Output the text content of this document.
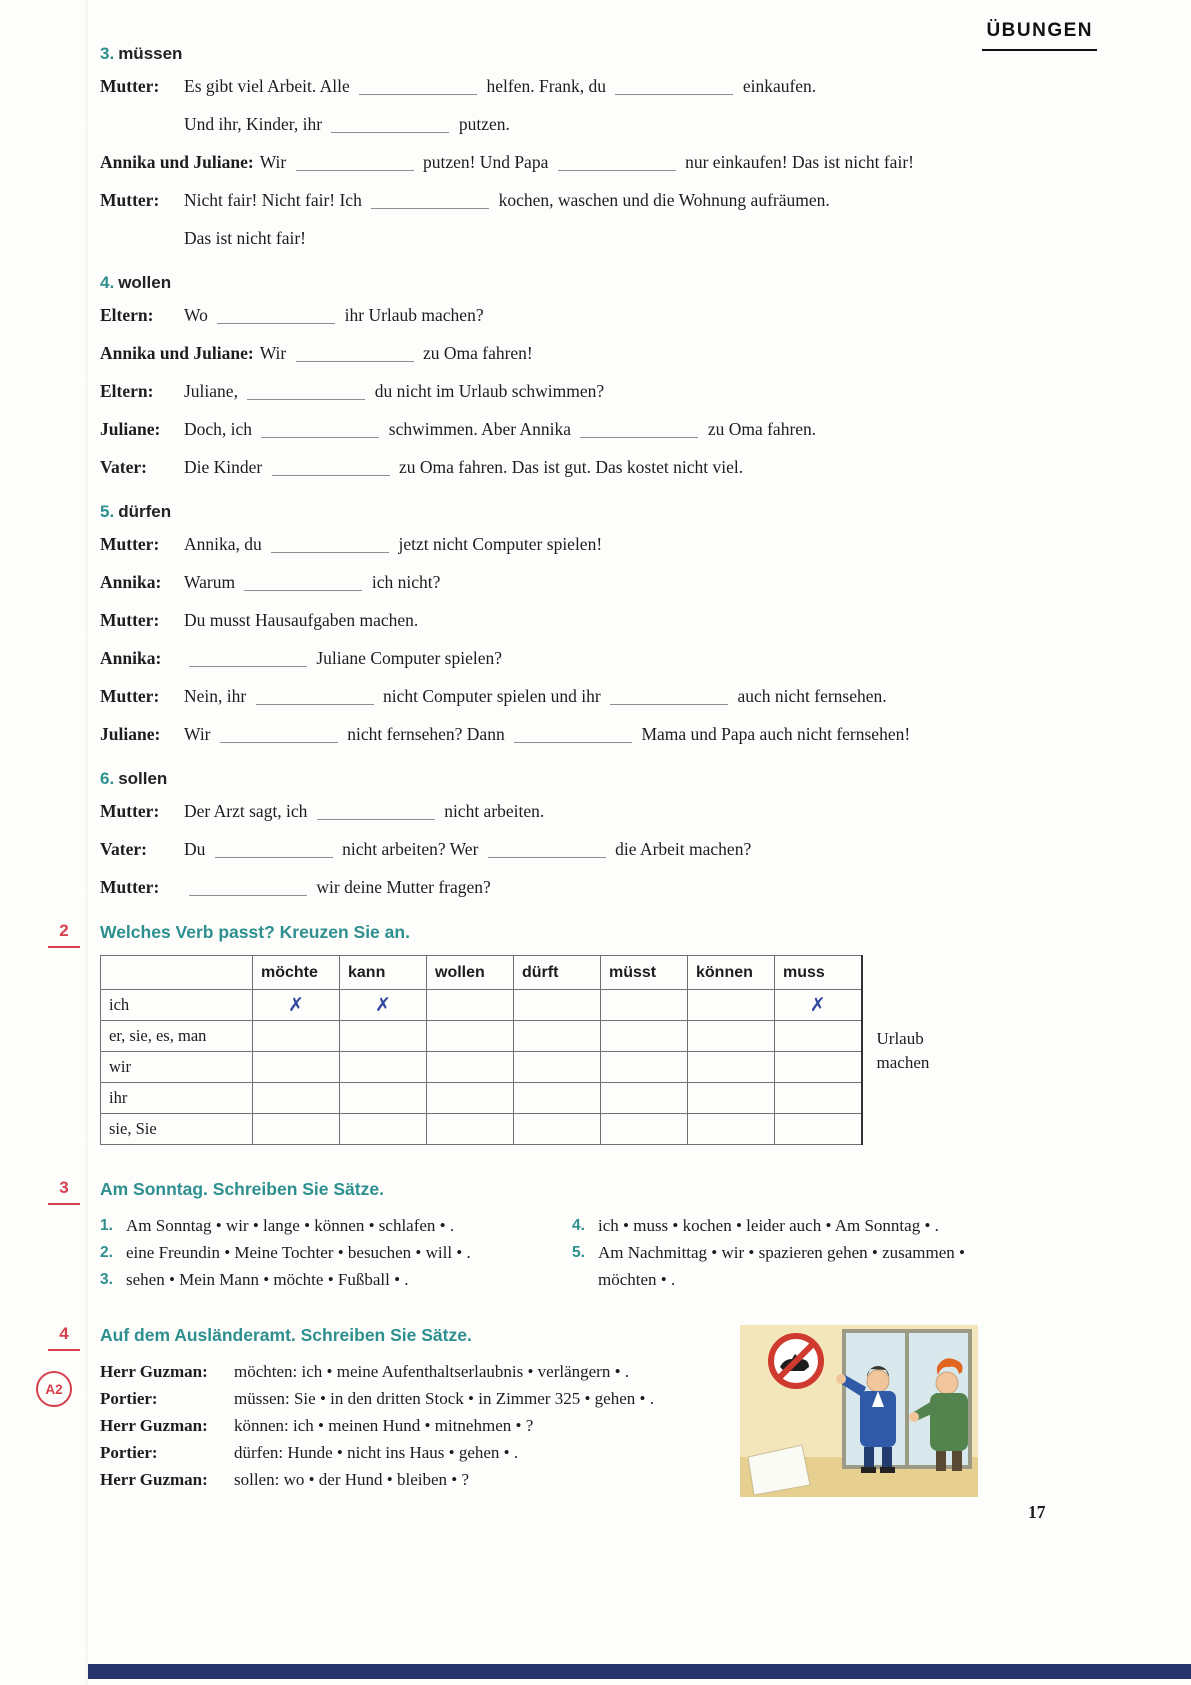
ÜBUNGEN
3. müssen
Mutter:	Es gibt viel Arbeit. Alle	helfen. Frank, du	einkaufen.
Und ihr, Kinder, ihr	putzen.
Annika und Juliane: Wir	putzen! Und Papa	nur einkaufen! Das ist nicht fair!
Mutter:	Nicht fair! Nicht fair! Ich	kochen, waschen und die Wohnung aufräumen.
Das ist nicht fair!
4. wollen
Eltern:	Wo	ihr Urlaub machen?
Annika und Juliane: Wir	zu Oma fahren!
Eltern:	Juliane,	du nicht im Urlaub schwimmen?
Juliane:	Doch, ich	schwimmen. Aber Annika	zu Oma fahren.
Vater:	Die Kinder	zu Oma fahren. Das ist gut. Das kostet nicht viel.
5. dürfen
Mutter:	Annika, du	jetzt nicht Computer spielen!
Annika:	Warum	ich nicht?
Mutter:	Du musst Hausaufgaben machen.
Annika:	Juliane Computer spielen?
Mutter:	Nein, ihr	nicht Computer spielen und ihr	auch nicht fernsehen.
Juliane:	Wir	nicht fernsehen? Dann	Mama und Papa auch nicht fernsehen!
6. sollen
Mutter:	Der Arzt sagt, ich	nicht arbeiten.
Vater:	Du	nicht arbeiten? Wer	die Arbeit machen?
Mutter:	wir deine Mutter fragen?
2	Welches Verb passt? Kreuzen Sie an.
	möchte	kann	wollen	dürft	müsst	können	muss
ich	✗	✗					✗
er, sie, es, man							
wir							
ihr							
sie, Sie							
Urlaub machen
3	Am Sonntag. Schreiben Sie Sätze.
1. Am Sonntag • wir • lange • können • schlafen • .
2. eine Freundin • Meine Tochter • besuchen • will • .
3. sehen • Mein Mann • möchte • Fußball • .
4. ich • muss • kochen • leider auch • Am Sonntag • .
5. Am Nachmittag • wir • spazieren gehen • zusammen • möchten • .
4
A2
Auf dem Ausländeramt. Schreiben Sie Sätze.
Herr Guzman:	möchten: ich • meine Aufenthaltserlaubnis • verlängern • .
Portier:	müssen: Sie • in den dritten Stock • in Zimmer 325 • gehen • .
Herr Guzman:	können: ich • meinen Hund • mitnehmen • ?
Portier:	dürfen: Hunde • nicht ins Haus • gehen • .
Herr Guzman:	sollen: wo • der Hund • bleiben • ?
17
